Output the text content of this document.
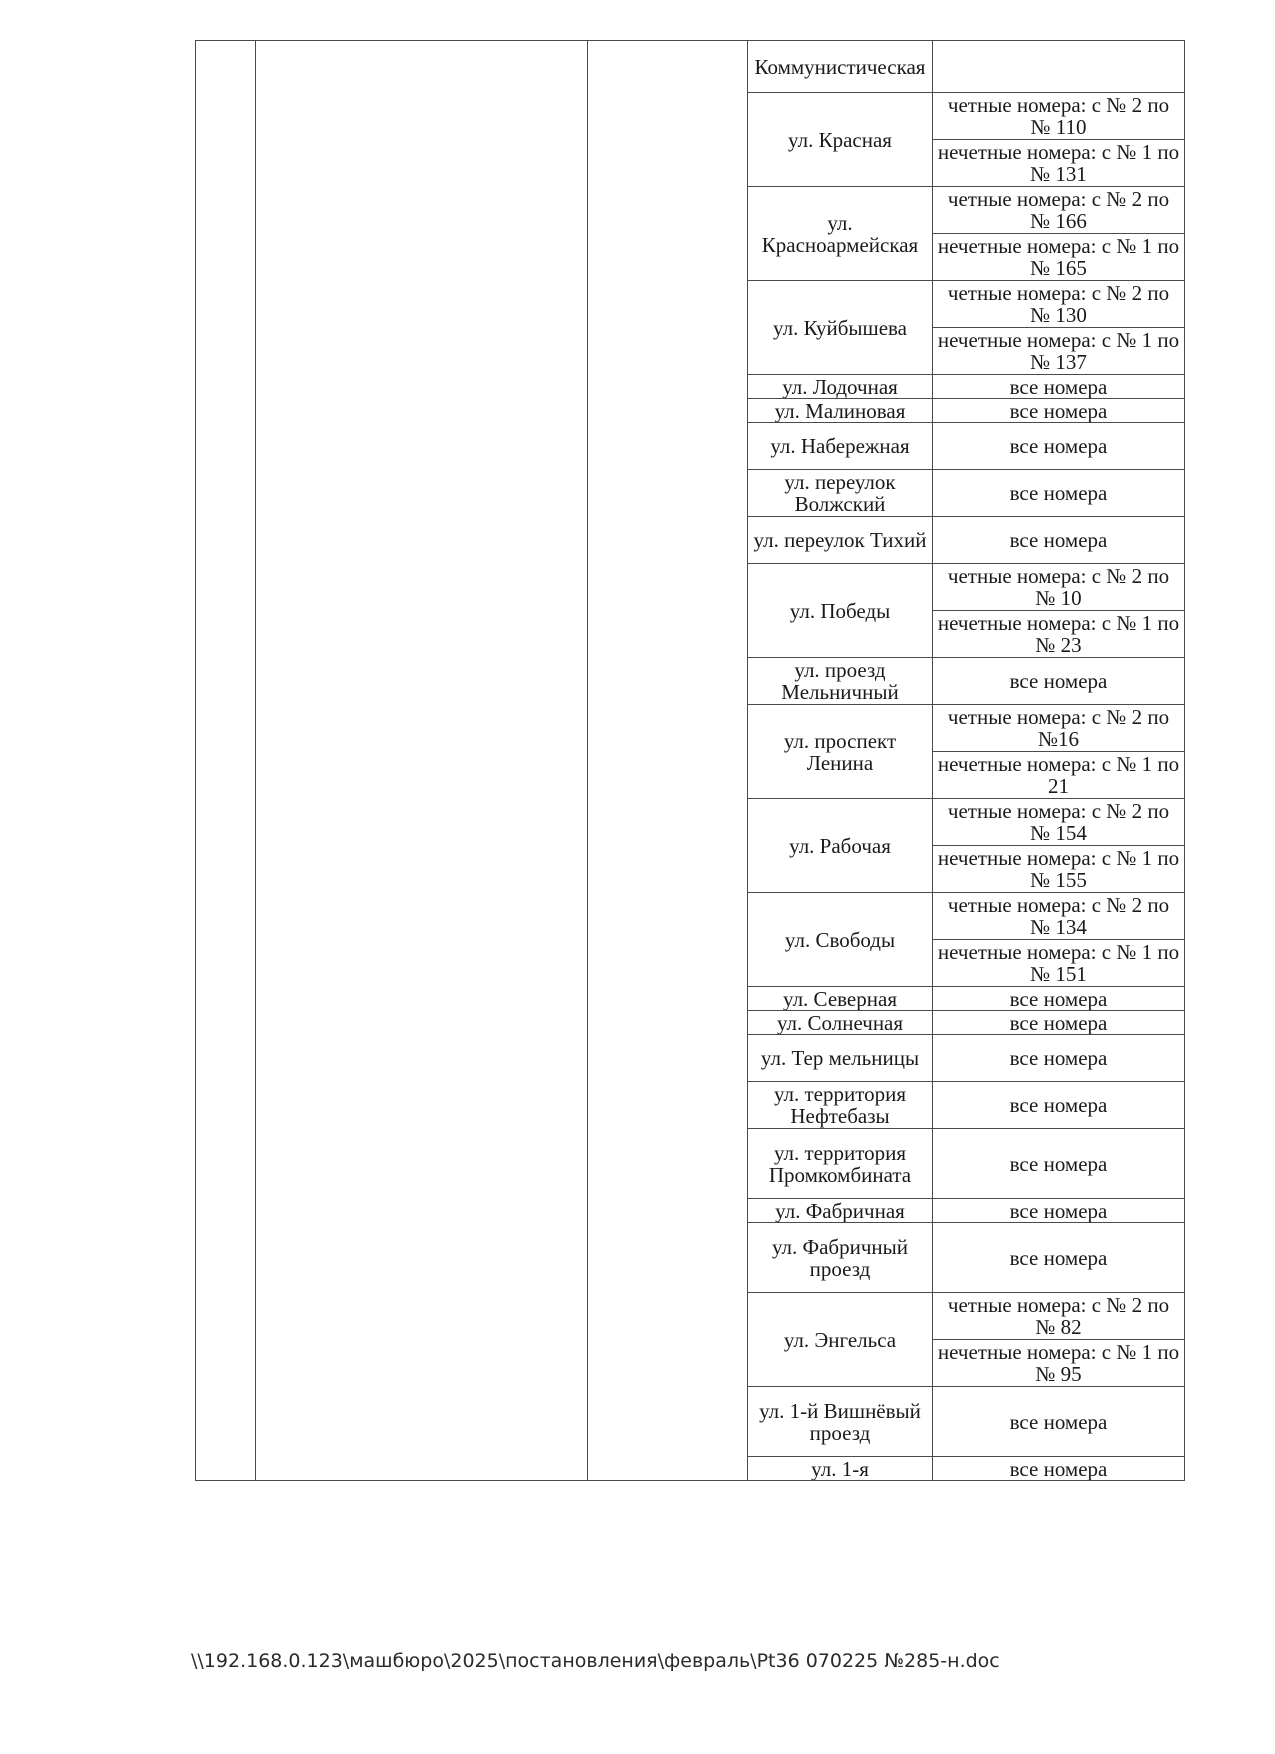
			Коммунистическая	
			ул. Красная	четные номера: с № 2 по № 110
				нечетные номера: с № 1 по № 131
			ул. Красноармейская	четные номера: с № 2 по № 166
				нечетные номера: с № 1 по № 165
			ул. Куйбышева	четные номера: с № 2 по № 130
				нечетные номера: с № 1 по № 137
			ул. Лодочная	все номера
			ул. Малиновая	все номера
			ул. Набережная	все номера
			ул. переулок Волжский	все номера
			ул. переулок Тихий	все номера
			ул. Победы	четные номера: с № 2 по № 10
				нечетные номера: с № 1 по № 23
			ул. проезд Мельничный	все номера
			ул. проспект Ленина	четные номера: с № 2 по №16
				нечетные номера: с № 1 по 21
			ул. Рабочая	четные номера: с № 2 по № 154
				нечетные номера: с № 1 по № 155
			ул. Свободы	четные номера: с № 2 по № 134
				нечетные номера: с № 1 по № 151
			ул. Северная	все номера
			ул. Солнечная	все номера
			ул. Тер мельницы	все номера
			ул. территория Нефтебазы	все номера
			ул. территория Промкомбината	все номера
			ул. Фабричная	все номера
			ул. Фабричный проезд	все номера
			ул. Энгельса	четные номера: с № 2 по № 82
				нечетные номера: с № 1 по № 95
			ул. 1-й Вишнёвый проезд	все номера
			ул. 1-я	все номера
\\192.168.0.123\машбюро\2025\постановления\февраль\Pt36 070225 №285-н.doc
